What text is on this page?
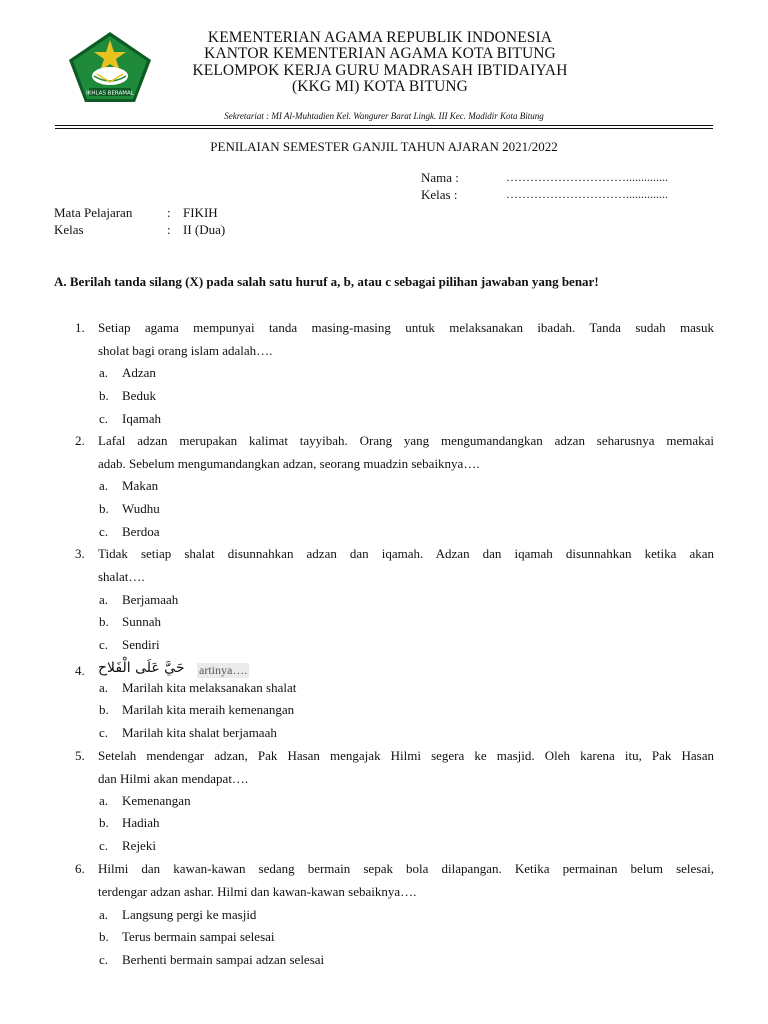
IKHLAS BERAMAL
KEMENTERIAN AGAMA REPUBLIK INDONESIA
KANTOR KEMENTERIAN AGAMA KOTA BITUNG
KELOMPOK KERJA GURU MADRASAH IBTIDAIYAH
(KKG MI) KOTA BITUNG
Sekretariat : MI Al-Muhtadien Kel. Wangurer Barat Lingk. III Kec. Madidir Kota Bitung
PENILAIAN SEMESTER GANJIL TAHUN AJARAN 2021/2022
Nama :	…………………………..............
Kelas :	…………………………..............
Mata Pelajaran	: FIKIH
Kelas	: II (Dua)
A. Berilah tanda silang (X) pada salah satu huruf a, b, atau c sebagai pilihan jawaban yang benar!
1. Setiap agama mempunyai tanda masing-masing untuk melaksanakan ibadah. Tanda sudah masuk
sholat bagi orang islam adalah….
a. Adzan
b. Beduk
c. Iqamah
2. Lafal adzan merupakan kalimat tayyibah. Orang yang mengumandangkan adzan seharusnya memakai
adab. Sebelum mengumandangkan adzan, seorang muadzin sebaiknya….
a. Makan
b. Wudhu
c. Berdoa
3. Tidak setiap shalat disunnahkan adzan dan iqamah. Adzan dan iqamah disunnahkan ketika akan
shalat….
a. Berjamaah
b. Sunnah
c. Sendiri
4. حَيَّ عَلَى الْفَلاح artinya….
a. Marilah kita melaksanakan shalat
b. Marilah kita meraih kemenangan
c. Marilah kita shalat berjamaah
5. Setelah mendengar adzan, Pak Hasan mengajak Hilmi segera ke masjid. Oleh karena itu, Pak Hasan
dan Hilmi akan mendapat….
a. Kemenangan
b. Hadiah
c. Rejeki
6. Hilmi dan kawan-kawan sedang bermain sepak bola dilapangan. Ketika permainan belum selesai,
terdengar adzan ashar. Hilmi dan kawan-kawan sebaiknya….
a. Langsung pergi ke masjid
b. Terus bermain sampai selesai
c. Berhenti bermain sampai adzan selesai
